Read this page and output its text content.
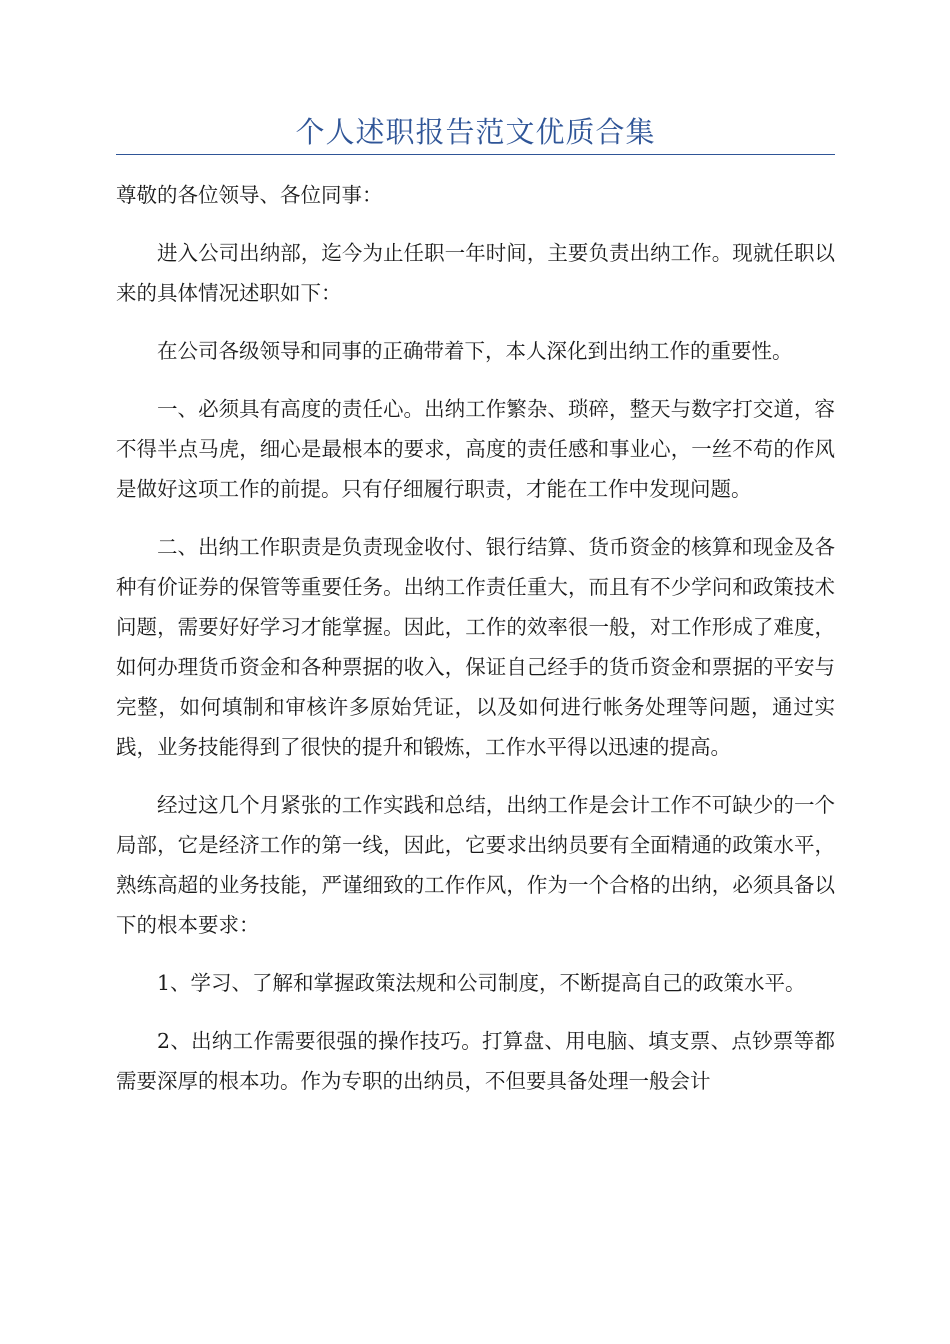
个人述职报告范文优质合集

尊敬的各位领导、各位同事：

进入公司出纳部，迄今为止任职一年时间，主要负责出纳工作。现就任职以来的具体情况述职如下：

在公司各级领导和同事的正确带着下，本人深化到出纳工作的重要性。

一、必须具有高度的责任心。出纳工作繁杂、琐碎，整天与数字打交道，容不得半点马虎，细心是最根本的要求，高度的责任感和事业心，一丝不苟的作风是做好这项工作的前提。只有仔细履行职责，才能在工作中发现问题。

二、出纳工作职责是负责现金收付、银行结算、货币资金的核算和现金及各种有价证券的保管等重要任务。出纳工作责任重大，而且有不少学问和政策技术问题，需要好好学习才能掌握。因此，工作的效率很一般，对工作形成了难度，如何办理货币资金和各种票据的收入，保证自己经手的货币资金和票据的平安与完整，如何填制和审核许多原始凭证，以及如何进行帐务处理等问题，通过实践，业务技能得到了很快的提升和锻炼，工作水平得以迅速的提高。

经过这几个月紧张的工作实践和总结，出纳工作是会计工作不可缺少的一个局部，它是经济工作的第一线，因此，它要求出纳员要有全面精通的政策水平，熟练高超的业务技能，严谨细致的工作作风，作为一个合格的出纳，必须具备以下的根本要求：

1、学习、了解和掌握政策法规和公司制度，不断提高自己的政策水平。

2、出纳工作需要很强的操作技巧。打算盘、用电脑、填支票、点钞票等都需要深厚的根本功。作为专职的出纳员，不但要具备处理一般会计
